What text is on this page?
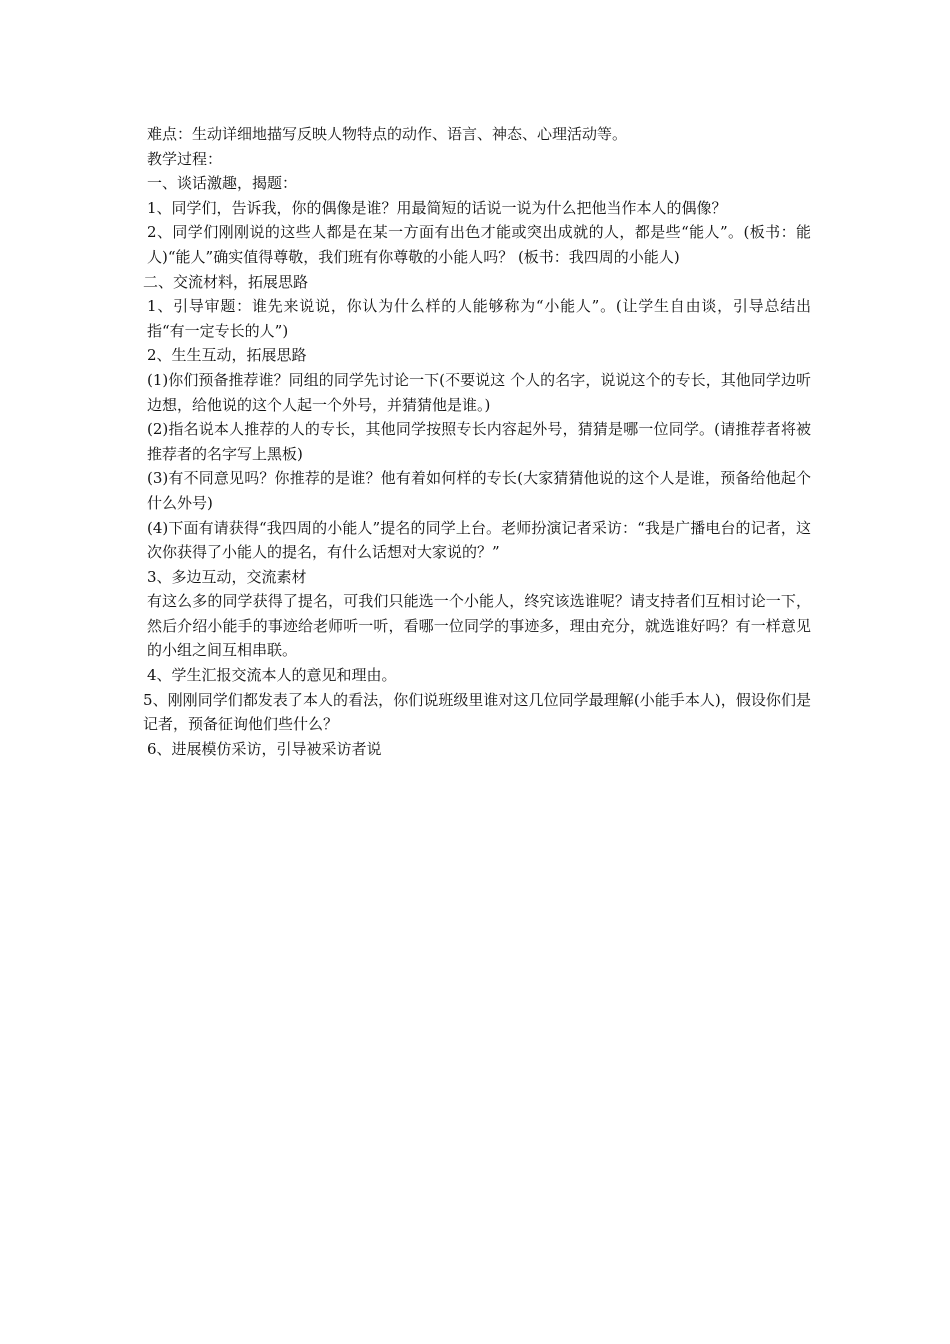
难点：生动详细地描写反映人物特点的动作、语言、神态、心理活动等。

教学过程：

一、谈话激趣，揭题：

1、同学们，告诉我，你的偶像是谁？用最简短的话说一说为什么把他当作本人的偶像？

2、同学们刚刚说的这些人都是在某一方面有出色才能或突出成就的人，都是些“能人”。(板书：能人)“能人”确实值得尊敬，我们班有你尊敬的小能人吗？ (板书：我四周的小能人)

二、交流材料，拓展思路

1、引导审题：谁先来说说，你认为什么样的人能够称为“小能人”。(让学生自由谈，引导总结出指“有一定专长的人”)

2、生生互动，拓展思路

(1)你们预备推荐谁？同组的同学先讨论一下(不要说这 个人的名字，说说这个的专长，其他同学边听边想，给他说的这个人起一个外号，并猜猜他是谁。)

(2)指名说本人推荐的人的专长，其他同学按照专长内容起外号，猜猜是哪一位同学。(请推荐者将被推荐者的名字写上黑板)

(3)有不同意见吗？你推荐的是谁？他有着如何样的专长(大家猜猜他说的这个人是谁，预备给他起个什么外号)

(4)下面有请获得“我四周的小能人”提名的同学上台。老师扮演记者采访：“我是广播电台的记者，这次你获得了小能人的提名，有什么话想对大家说的？”

3、多边互动，交流素材

有这么多的同学获得了提名，可我们只能选一个小能人，终究该选谁呢？请支持者们互相讨论一下，然后介绍小能手的事迹给老师听一听，看哪一位同学的事迹多，理由充分，就选谁好吗？有一样意见的小组之间互相串联。

4、学生汇报交流本人的意见和理由。

5、刚刚同学们都发表了本人的看法，你们说班级里谁对这几位同学最理解(小能手本人)，假设你们是记者，预备征询他们些什么？

6、进展模仿采访，引导被采访者说
